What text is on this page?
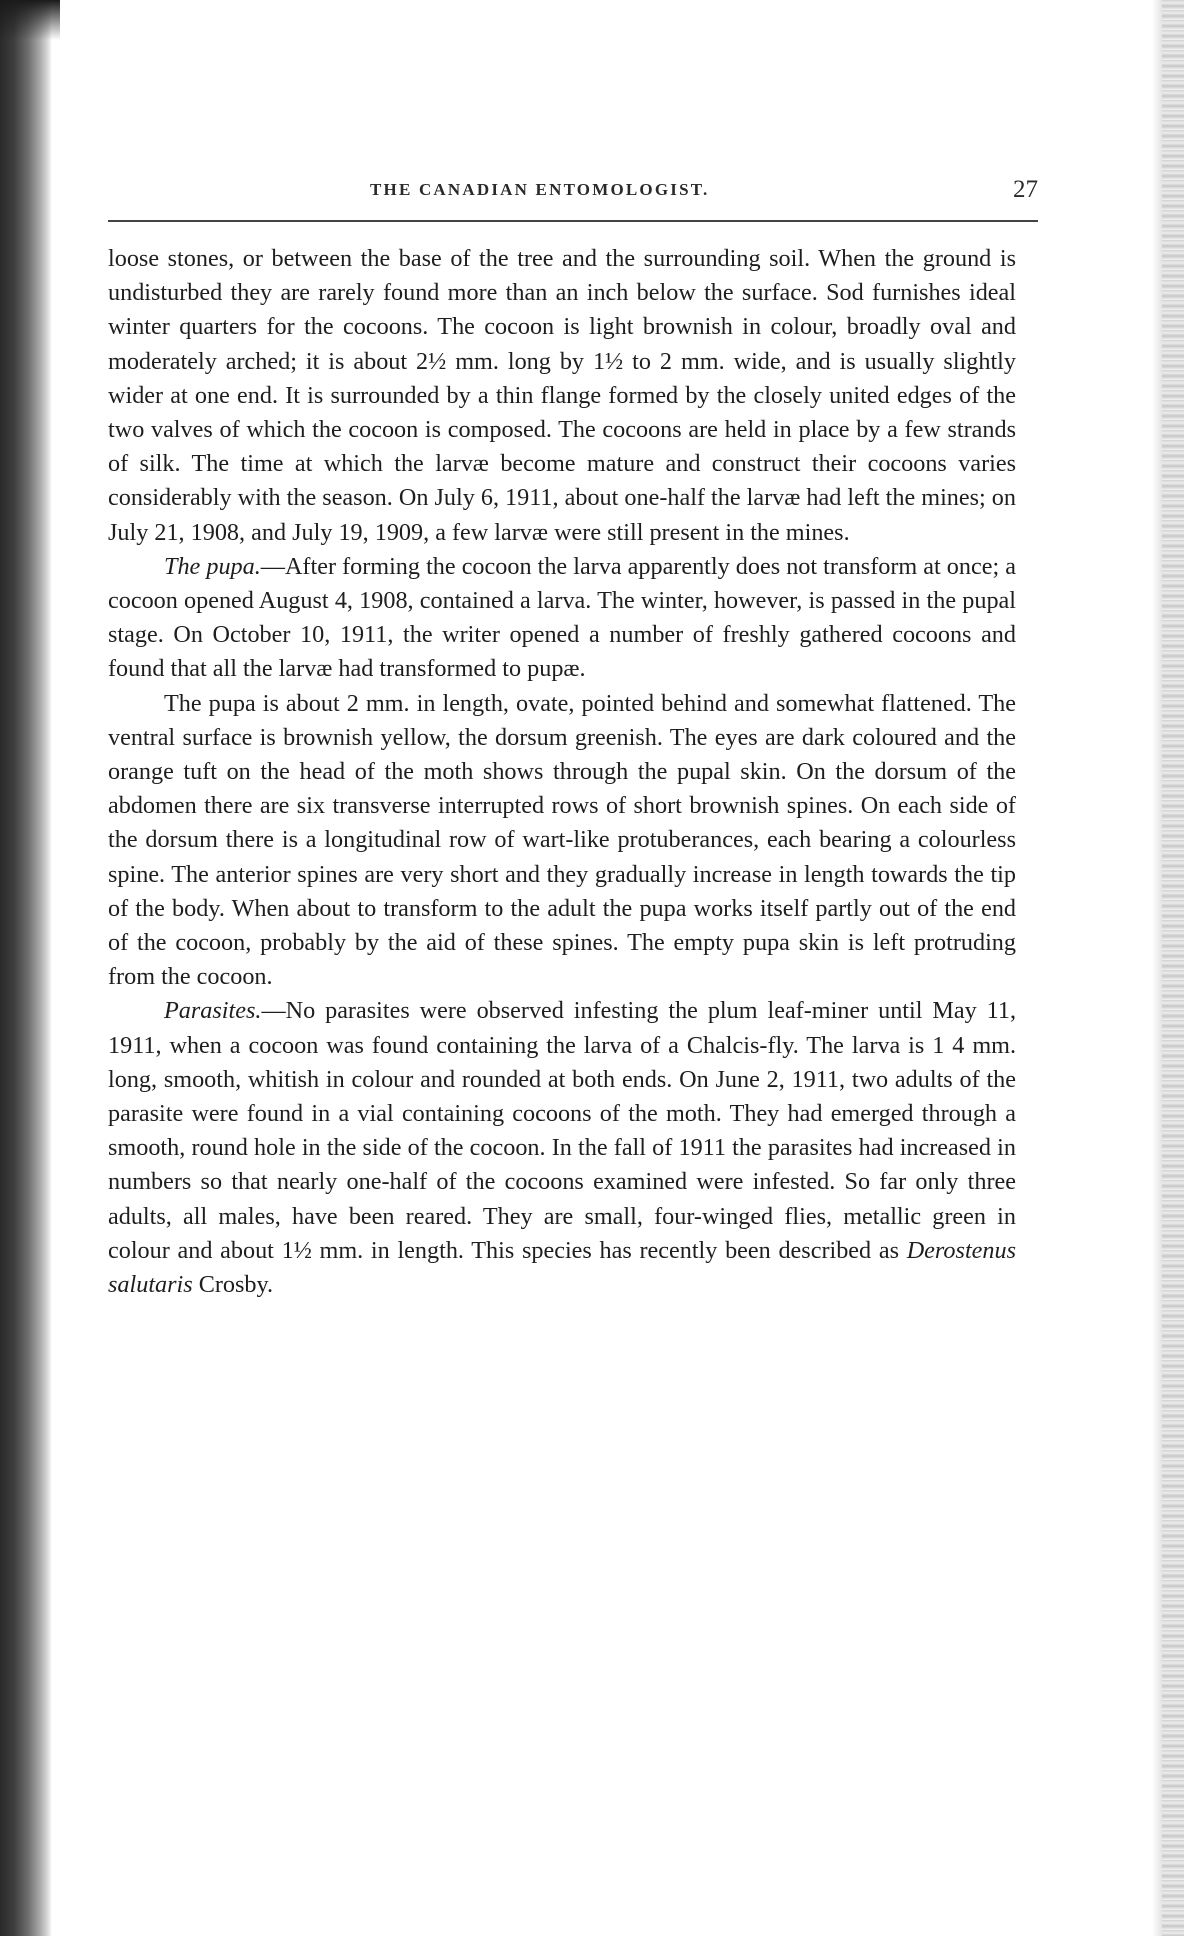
THE CANADIAN ENTOMOLOGIST.	27

loose stones, or between the base of the tree and the surrounding soil. When the ground is undisturbed they are rarely found more than an inch below the surface. Sod furnishes ideal winter quarters for the cocoons. The cocoon is light brownish in colour, broadly oval and moderately arched; it is about 2½ mm. long by 1½ to 2 mm. wide, and is usually slightly wider at one end. It is surrounded by a thin flange formed by the closely united edges of the two valves of which the cocoon is composed. The cocoons are held in place by a few strands of silk. The time at which the larvæ become mature and construct their cocoons varies considerably with the season. On July 6, 1911, about one-half the larvæ had left the mines; on July 21, 1908, and July 19, 1909, a few larvæ were still present in the mines.

The pupa.—After forming the cocoon the larva apparently does not transform at once; a cocoon opened August 4, 1908, contained a larva. The winter, however, is passed in the pupal stage. On October 10, 1911, the writer opened a number of freshly gathered cocoons and found that all the larvæ had transformed to pupæ.

The pupa is about 2 mm. in length, ovate, pointed behind and somewhat flattened. The ventral surface is brownish yellow, the dorsum greenish. The eyes are dark coloured and the orange tuft on the head of the moth shows through the pupal skin. On the dorsum of the abdomen there are six transverse interrupted rows of short brownish spines. On each side of the dorsum there is a longitudinal row of wart-like protuberances, each bearing a colourless spine. The anterior spines are very short and they gradually increase in length towards the tip of the body. When about to transform to the adult the pupa works itself partly out of the end of the cocoon, probably by the aid of these spines. The empty pupa skin is left protruding from the cocoon.

Parasites.—No parasites were observed infesting the plum leaf-miner until May 11, 1911, when a cocoon was found containing the larva of a Chalcis-fly. The larva is 1 4 mm. long, smooth, whitish in colour and rounded at both ends. On June 2, 1911, two adults of the parasite were found in a vial containing cocoons of the moth. They had emerged through a smooth, round hole in the side of the cocoon. In the fall of 1911 the parasites had increased in numbers so that nearly one-half of the cocoons examined were infested. So far only three adults, all males, have been reared. They are small, four-winged flies, metallic green in colour and about 1½ mm. in length. This species has recently been described as Derostenus salutaris Crosby.
